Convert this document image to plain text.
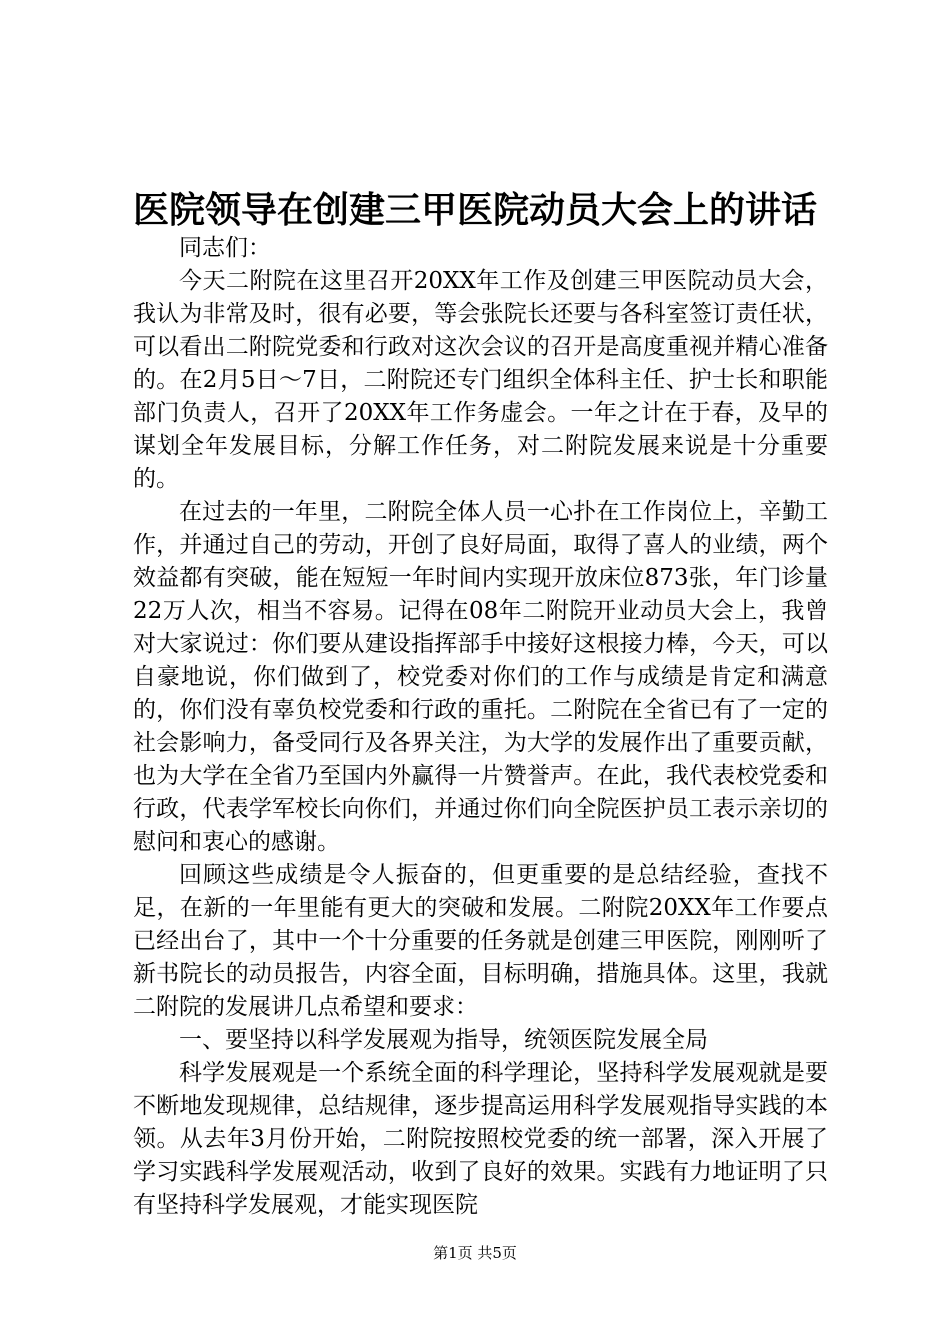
医院领导在创建三甲医院动员大会上的讲话

同志们：

今天二附院在这里召开20XX年工作及创建三甲医院动员大会，我认为非常及时，很有必要，等会张院长还要与各科室签订责任状，可以看出二附院党委和行政对这次会议的召开是高度重视并精心准备的。在2月5日～7日，二附院还专门组织全体科主任、护士长和职能部门负责人，召开了20XX年工作务虚会。一年之计在于春，及早的谋划全年发展目标，分解工作任务，对二附院发展来说是十分重要的。

在过去的一年里，二附院全体人员一心扑在工作岗位上，辛勤工作，并通过自己的劳动，开创了良好局面，取得了喜人的业绩，两个效益都有突破，能在短短一年时间内实现开放床位873张，年门诊量22万人次，相当不容易。记得在08年二附院开业动员大会上，我曾对大家说过：你们要从建设指挥部手中接好这根接力棒，今天，可以自豪地说，你们做到了，校党委对你们的工作与成绩是肯定和满意的，你们没有辜负校党委和行政的重托。二附院在全省已有了一定的社会影响力，备受同行及各界关注，为大学的发展作出了重要贡献，也为大学在全省乃至国内外赢得一片赞誉声。在此，我代表校党委和行政，代表学军校长向你们，并通过你们向全院医护员工表示亲切的慰问和衷心的感谢。

回顾这些成绩是令人振奋的，但更重要的是总结经验，查找不足，在新的一年里能有更大的突破和发展。二附院20XX年工作要点已经出台了，其中一个十分重要的任务就是创建三甲医院，刚刚听了新书院长的动员报告，内容全面，目标明确，措施具体。这里，我就二附院的发展讲几点希望和要求：

一、要坚持以科学发展观为指导，统领医院发展全局

科学发展观是一个系统全面的科学理论，坚持科学发展观就是要不断地发现规律，总结规律，逐步提高运用科学发展观指导实践的本领。从去年3月份开始，二附院按照校党委的统一部署，深入开展了学习实践科学发展观活动，收到了良好的效果。实践有力地证明了只有坚持科学发展观，才能实现医院

第1页 共5页
